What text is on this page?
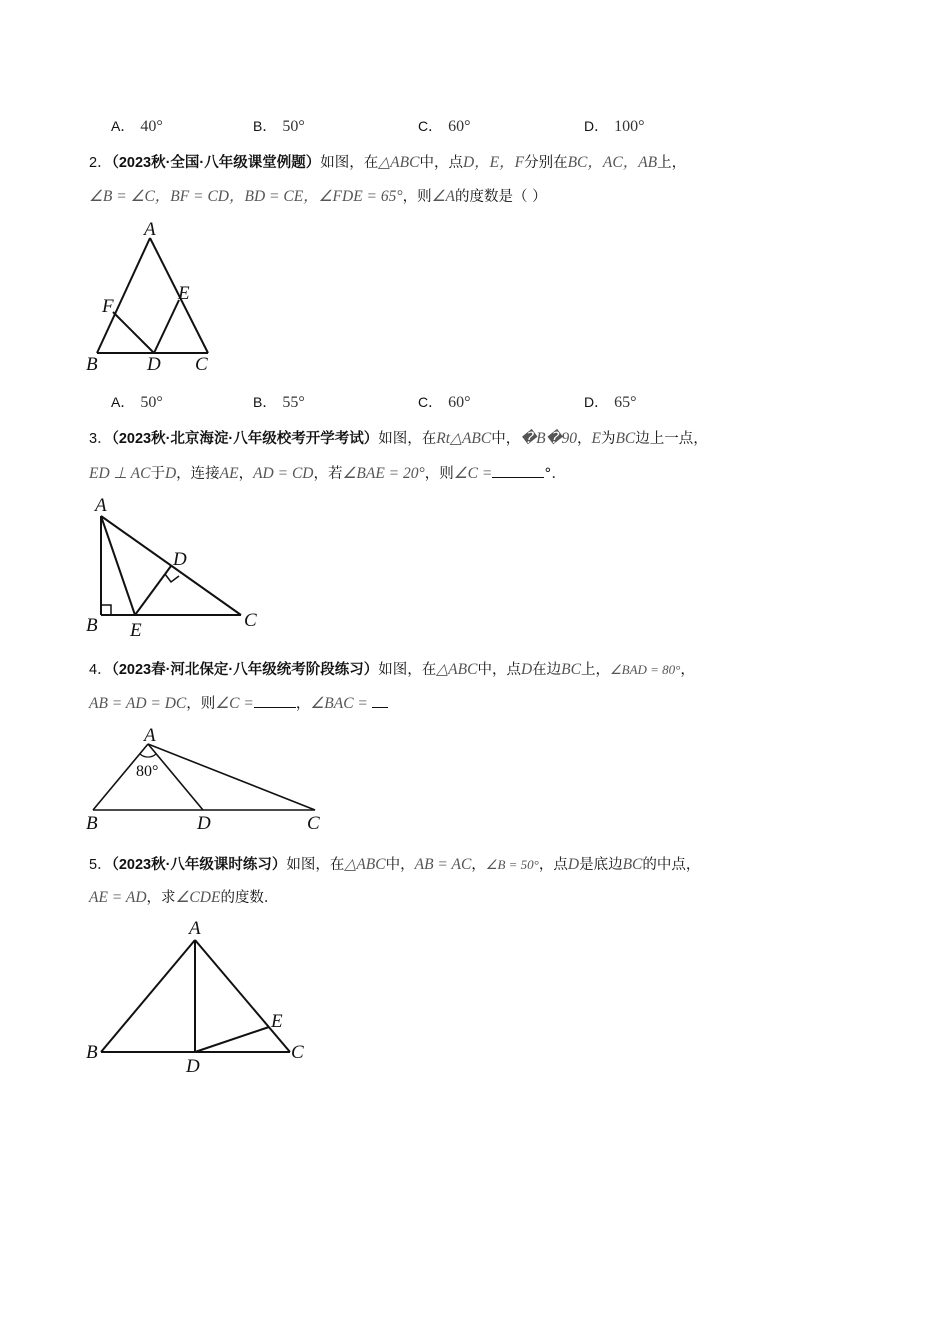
A． 40°	B． 50°	C． 60°	D． 100°
2．（2023秋·全国·八年级课堂例题）如图，在△ABC中，点D，E，F分别在BC，AC，AB上，
∠B = ∠C，BF = CD，BD = CE，∠FDE = 65°，则∠A的度数是（ ）
A
B	C
D
E
F
A
B	C
D
E
A
B	C
D
80°
A
B	C
D
E
A． 50°	B． 55°	C． 60°	D． 65°
3．（2023秋·北京海淀·八年级校考开学考试）如图，在Rt△ABC中，�B�90，E为BC边上一点，
ED ⊥ AC于D，连接AE，AD = CD，若∠BAE = 20°，则∠C =	°．
4．（2023春·河北保定·八年级统考阶段练习）如图，在△ABC中，点D在边BC上，∠BAD = 80°，
AB = AD = DC，则∠C =	，∠BAC =
5．（2023秋·八年级课时练习）如图，在△ABC中，AB = AC，∠B = 50°，点D是底边BC的中点，
AE = AD，求∠CDE的度数．
